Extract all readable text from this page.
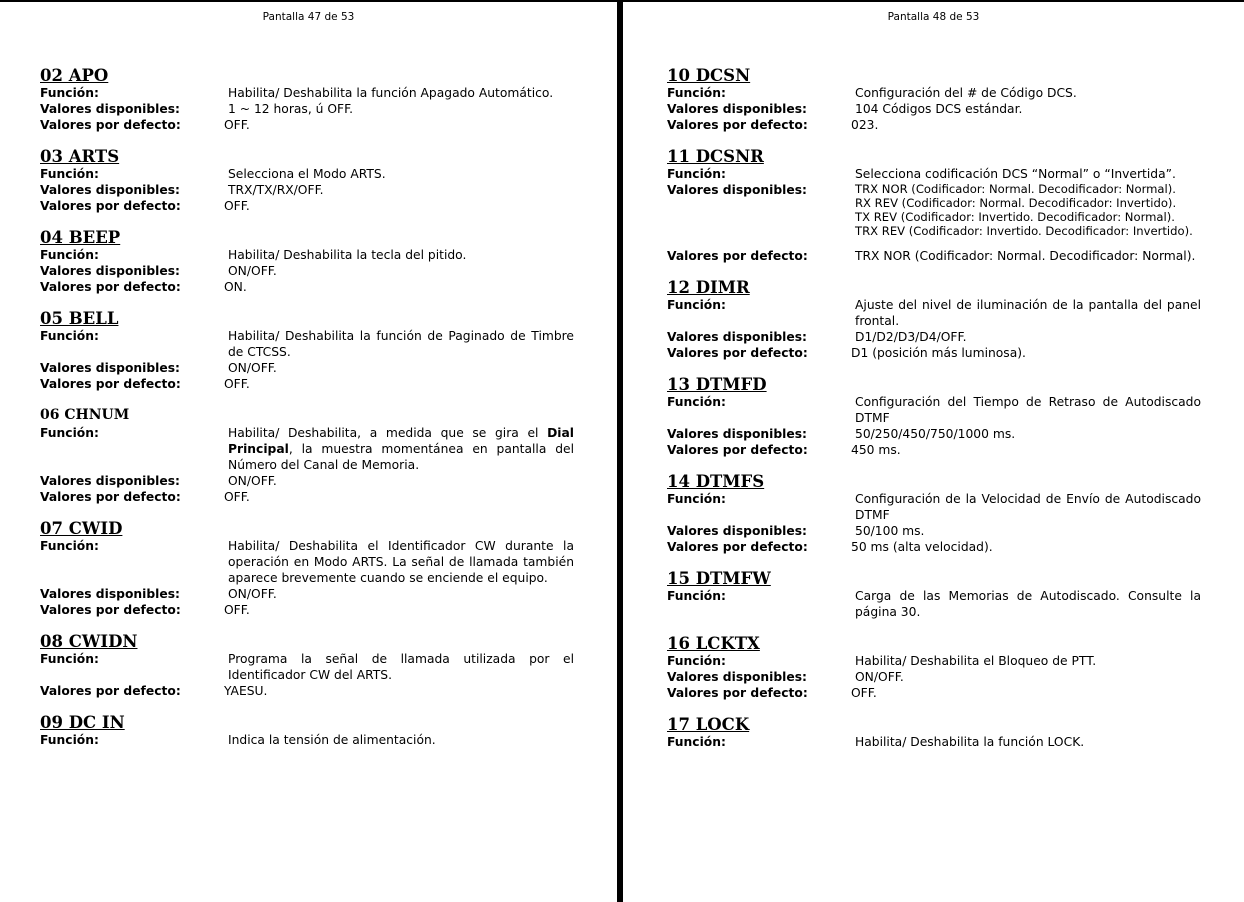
Pantalla 47 de 53
02 APO
Función:	Habilita/ Deshabilita la función Apagado Automático.
Valores disponibles:	1 ~ 12 horas, ú OFF.
Valores por defecto:	OFF.
03 ARTS
Función:	Selecciona el Modo ARTS.
Valores disponibles:	TRX/TX/RX/OFF.
Valores por defecto:	OFF.
04 BEEP
Función:	Habilita/ Deshabilita la tecla del pitido.
Valores disponibles:	ON/OFF.
Valores por defecto:	ON.
05 BELL
Función:	Habilita/ Deshabilita la función de Paginado de Timbre de CTCSS.
Valores disponibles:	ON/OFF.
Valores por defecto:	OFF.
06 CHNUM
Función:	Habilita/ Deshabilita, a medida que se gira el Dial Principal, la muestra momentánea en pantalla del Número del Canal de Memoria.
Valores disponibles:	ON/OFF.
Valores por defecto:	OFF.
07 CWID
Función:	Habilita/ Deshabilita el Identificador CW durante la operación en Modo ARTS. La señal de llamada también aparece brevemente cuando se enciende el equipo.
Valores disponibles:	ON/OFF.
Valores por defecto:	OFF.
08 CWIDN
Función:	Programa la señal de llamada utilizada por el Identificador CW del ARTS.
Valores por defecto:	YAESU.
09 DC IN
Función:	Indica la tensión de alimentación.
Pantalla 48 de 53
10 DCSN
Función:	Configuración del # de Código DCS.
Valores disponibles:	104 Códigos DCS estándar.
Valores por defecto:	023.
11 DCSNR
Función:	Selecciona codificación DCS “Normal” o “Invertida”.
Valores disponibles:	TRX NOR (Codificador: Normal. Decodificador: Normal).
RX REV (Codificador: Normal. Decodificador: Invertido).
TX REV (Codificador: Invertido. Decodificador: Normal).
TRX REV (Codificador: Invertido. Decodificador: Invertido).
Valores por defecto:	TRX NOR (Codificador: Normal. Decodificador: Normal).
12 DIMR
Función:	Ajuste del nivel de iluminación de la pantalla del panel frontal.
Valores disponibles:	D1/D2/D3/D4/OFF.
Valores por defecto:	D1 (posición más luminosa).
13 DTMFD
Función:	Configuración del Tiempo de Retraso de Autodiscado DTMF
Valores disponibles:	50/250/450/750/1000 ms.
Valores por defecto:	450 ms.
14 DTMFS
Función:	Configuración de la Velocidad de Envío de Autodiscado DTMF
Valores disponibles:	50/100 ms.
Valores por defecto:	50 ms (alta velocidad).
15 DTMFW
Función:	Carga de las Memorias de Autodiscado. Consulte la página 30.
16 LCKTX
Función:	Habilita/ Deshabilita el Bloqueo de PTT.
Valores disponibles:	ON/OFF.
Valores por defecto:	OFF.
17 LOCK
Función:	Habilita/ Deshabilita la función LOCK.
